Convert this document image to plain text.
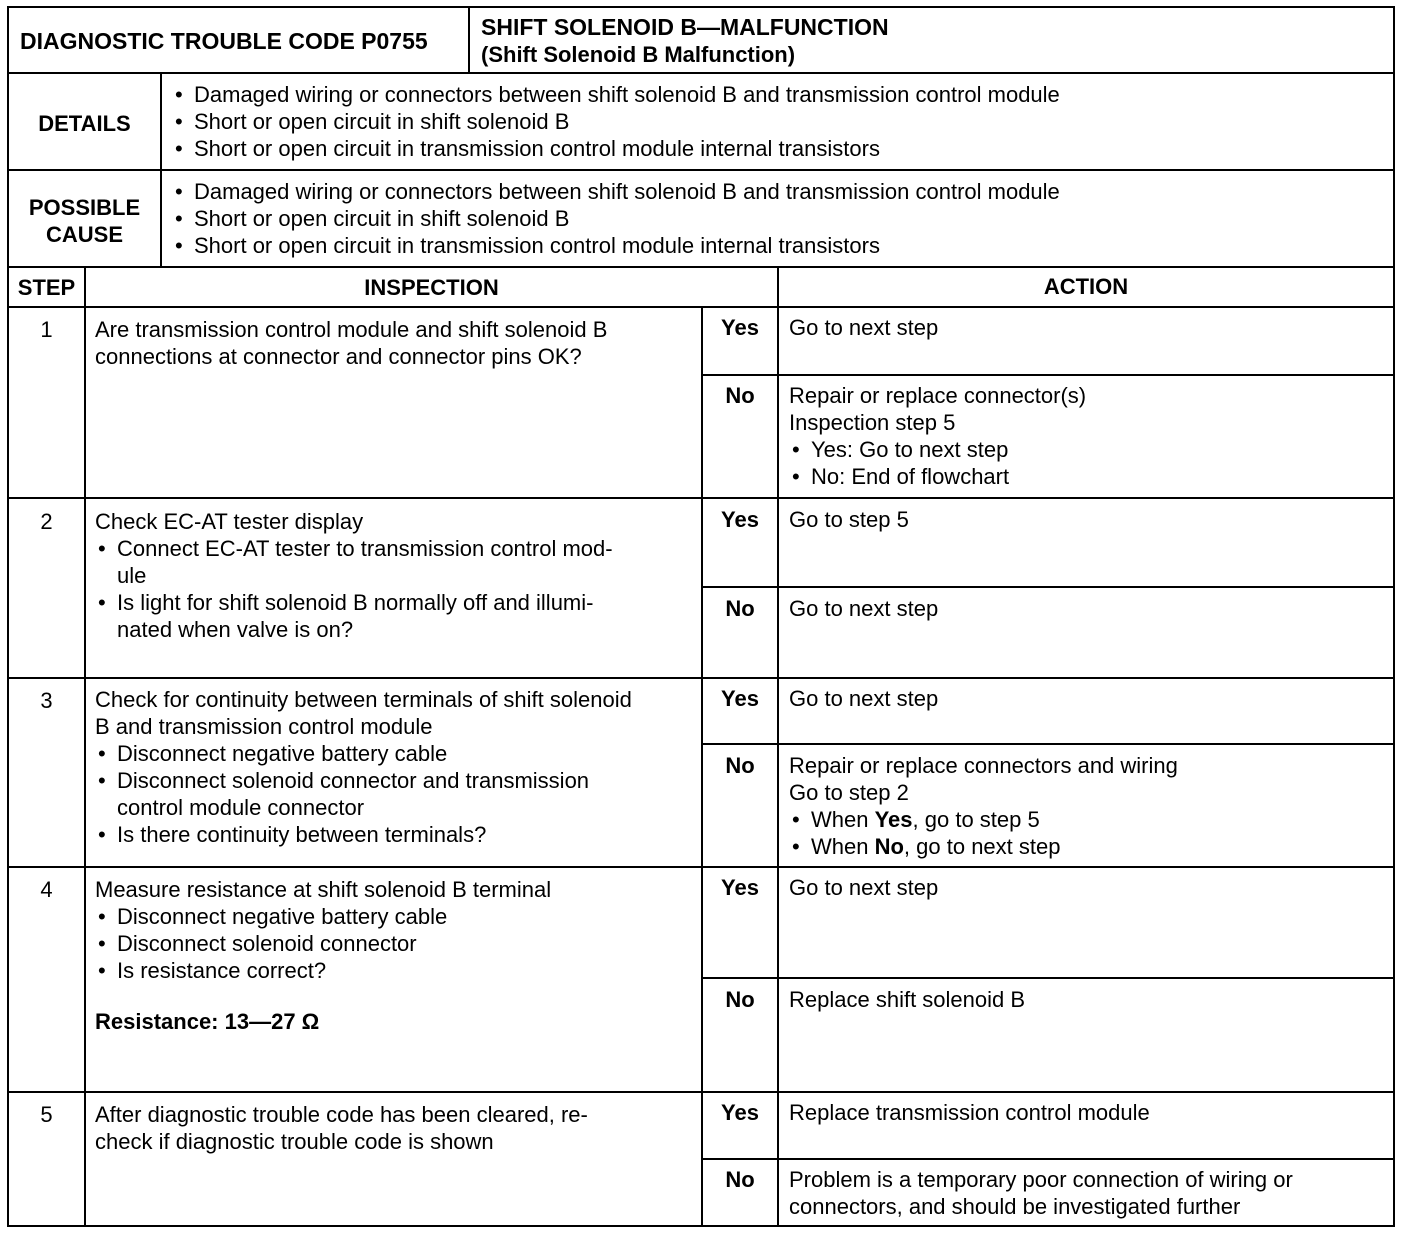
DIAGNOSTIC TROUBLE CODE P0755
SHIFT SOLENOID B—MALFUNCTION
(Shift Solenoid B Malfunction)
DETAILS
• Damaged wiring or connectors between shift solenoid B and transmission control module
• Short or open circuit in shift solenoid B
• Short or open circuit in transmission control module internal transistors
POSSIBLE
CAUSE
• Damaged wiring or connectors between shift solenoid B and transmission control module
• Short or open circuit in shift solenoid B
• Short or open circuit in transmission control module internal transistors
STEP	INSPECTION	ACTION
1	Are transmission control module and shift solenoid B
connections at connector and connector pins OK?
Yes	Go to next step
No	Repair or replace connector(s)
Inspection step 5
• Yes: Go to next step
• No: End of flowchart
2	Check EC-AT tester display
• Connect EC-AT tester to transmission control mod-
ule
• Is light for shift solenoid B normally off and illumi-
nated when valve is on?
Yes	Go to step 5
No	Go to next step
3	Check for continuity between terminals of shift solenoid
B and transmission control module
• Disconnect negative battery cable
• Disconnect solenoid connector and transmission
control module connector
• Is there continuity between terminals?
Yes	Go to next step
No	Repair or replace connectors and wiring
Go to step 2
• When Yes, go to step 5
• When No, go to next step
4	Measure resistance at shift solenoid B terminal
• Disconnect negative battery cable
• Disconnect solenoid connector
• Is resistance correct?
Resistance: 13—27 Ω
Yes	Go to next step
No	Replace shift solenoid B
5	After diagnostic trouble code has been cleared, re-
check if diagnostic trouble code is shown
Yes	Replace transmission control module
No	Problem is a temporary poor connection of wiring or
connectors, and should be investigated further
